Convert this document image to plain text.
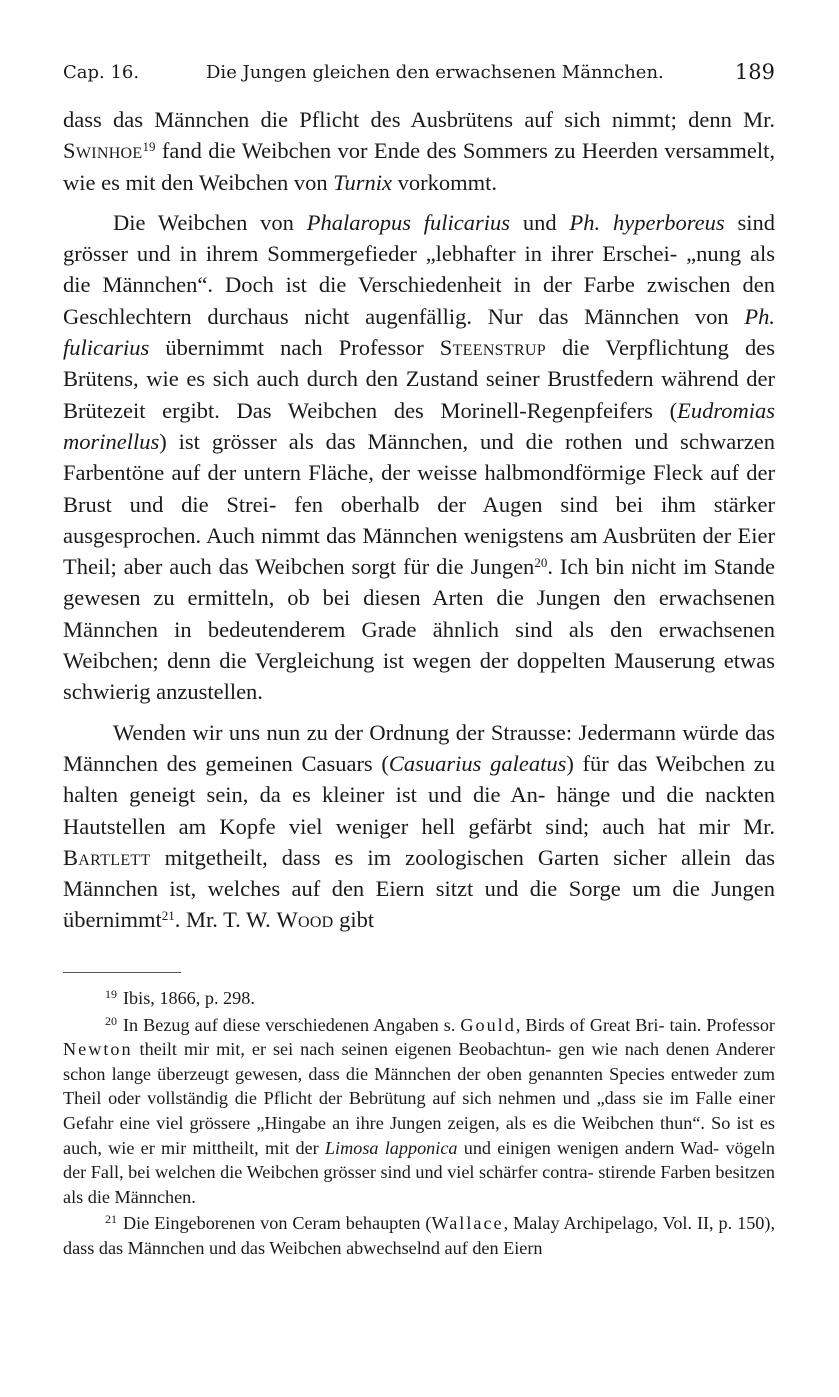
Cap. 16.	Die Jungen gleichen den erwachsenen Männchen.	189

dass das Männchen die Pflicht des Ausbrütens auf sich nimmt; denn Mr. Swinhoe$^{19}$ fand die Weibchen vor Ende des Sommers zu Heerden versammelt, wie es mit den Weibchen von Turnix vorkommt.

Die Weibchen von Phalaropus fulicarius und Ph. hyperboreus sind grösser und in ihrem Sommergefieder „lebhafter in ihrer Erschei- „nung als die Männchen“. Doch ist die Verschiedenheit in der Farbe zwischen den Geschlechtern durchaus nicht augenfällig. Nur das Männchen von Ph. fulicarius übernimmt nach Professor Steenstrup die Verpflichtung des Brütens, wie es sich auch durch den Zustand seiner Brustfedern während der Brütezeit ergibt. Das Weibchen des Morinell-Regenpfeifers (Eudromias morinellus) ist grösser als das Männchen, und die rothen und schwarzen Farbentöne auf der untern Fläche, der weisse halbmondförmige Fleck auf der Brust und die Strei- fen oberhalb der Augen sind bei ihm stärker ausgesprochen. Auch nimmt das Männchen wenigstens am Ausbrüten der Eier Theil; aber auch das Weibchen sorgt für die Jungen$^{20}$. Ich bin nicht im Stande gewesen zu ermitteln, ob bei diesen Arten die Jungen den erwachsenen Männchen in bedeutenderem Grade ähnlich sind als den erwachsenen Weibchen; denn die Vergleichung ist wegen der doppelten Mauserung etwas schwierig anzustellen.

Wenden wir uns nun zu der Ordnung der Strausse: Jedermann würde das Männchen des gemeinen Casuars (Casuarius galeatus) für das Weibchen zu halten geneigt sein, da es kleiner ist und die An- hänge und die nackten Hautstellen am Kopfe viel weniger hell gefärbt sind; auch hat mir Mr. Bartlett mitgetheilt, dass es im zoologischen Garten sicher allein das Männchen ist, welches auf den Eiern sitzt und die Sorge um die Jungen übernimmt$^{21}$. Mr. T. W. Wood gibt

$^{19}$ Ibis, 1866, p. 298.

$^{20}$ In Bezug auf diese verschiedenen Angaben s. Gould, Birds of Great Bri- tain. Professor Newton theilt mir mit, er sei nach seinen eigenen Beobachtun- gen wie nach denen Anderer schon lange überzeugt gewesen, dass die Männchen der oben genannten Species entweder zum Theil oder vollständig die Pflicht der Bebrütung auf sich nehmen und „dass sie im Falle einer Gefahr eine viel grössere „Hingabe an ihre Jungen zeigen, als es die Weibchen thun“. So ist es auch, wie er mir mittheilt, mit der Limosa lapponica und einigen wenigen andern Wad- vögeln der Fall, bei welchen die Weibchen grösser sind und viel schärfer contra- stirende Farben besitzen als die Männchen.

$^{21}$ Die Eingeborenen von Ceram behaupten (Wallace, Malay Archipelago, Vol. II, p. 150), dass das Männchen und das Weibchen abwechselnd auf den Eiern
